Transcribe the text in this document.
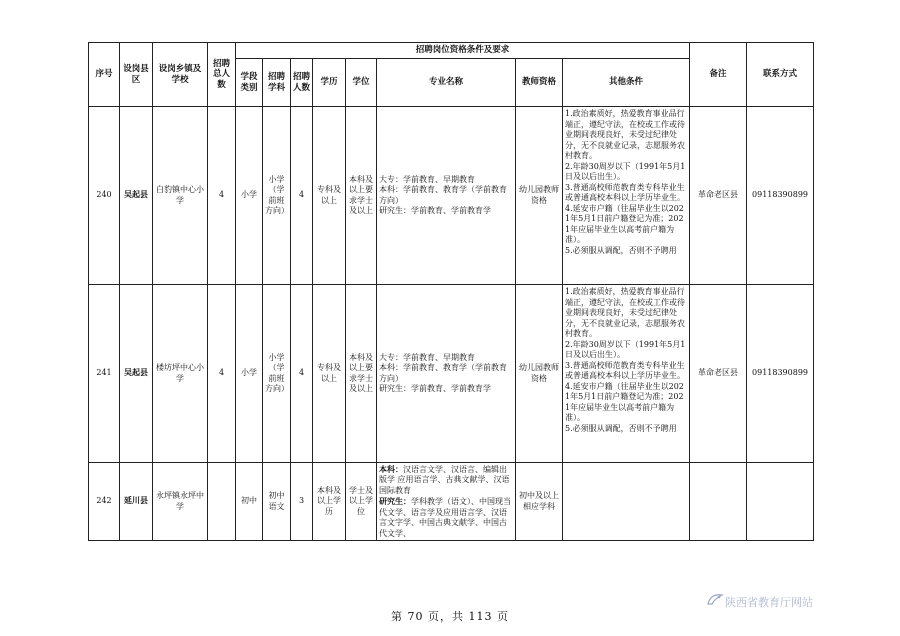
序号	设岗县区	设岗乡镇及学校	招聘总人数	招聘岗位资格条件及要求								备注	联系方式
				学段类别	招聘学科	招聘人数	学历	学位	专业名称	教师资格	其他条件		
240	吴起县	白豹镇中心小学	4	小学	小学（学前班方向）	4	专科及以上	本科及以上要求学士及以上	大专：学前教育、早期教育
本科：学前教育、教育学（学前教育方向）
研究生：学前教育、学前教育学	幼儿园教师资格	1.政治素质好，热爱教育事业品行端正，遵纪守法，在校或工作或待业期间表现良好，未受过纪律处分，无不良就业记录，志愿服务农村教育。
2.年龄30周岁以下（1991年5月1日及以后出生）。
3.普通高校师范教育类专科毕业生或普通高校本科以上学历毕业生。
4.延安市户籍（往届毕业生以2021年5月1日前户籍登记为准；2021年应届毕业生以高考前户籍为准）。
5.必须服从调配，否则不予聘用	革命老区县	09118390899
241	吴起县	楼坊坪中心小学	4	小学	小学（学前班方向）	4	专科及以上	本科及以上要求学士及以上	大专：学前教育、早期教育
本科：学前教育、教育学（学前教育方向）
研究生：学前教育、学前教育学	幼儿园教师资格	1.政治素质好，热爱教育事业品行端正，遵纪守法，在校或工作或待业期间表现良好，未受过纪律处分，无不良就业记录，志愿服务农村教育。
2.年龄30周岁以下（1991年5月1日及以后出生）。
3.普通高校师范教育类专科毕业生或普通高校本科以上学历毕业生。
4.延安市户籍（往届毕业生以2021年5月1日前户籍登记为准；2021年应届毕业生以高考前户籍为准）。
5.必须服从调配，否则不予聘用	革命老区县	09118390899
242	延川县	永坪镇永坪中学		初中	初中语文	3	本科及以上学历	学士及以上学位	本科：汉语言文学、汉语言、编辑出版学 应用语言学、古典文献学、汉语国际教育
研究生：学科教学（语文）、中国现当代文学、语言学及应用语言学、汉语言文字学、中国古典文献学、中国古代文学、	初中及以上相应学科			
第 70 页，共 113 页
陕西省教育厅网站
